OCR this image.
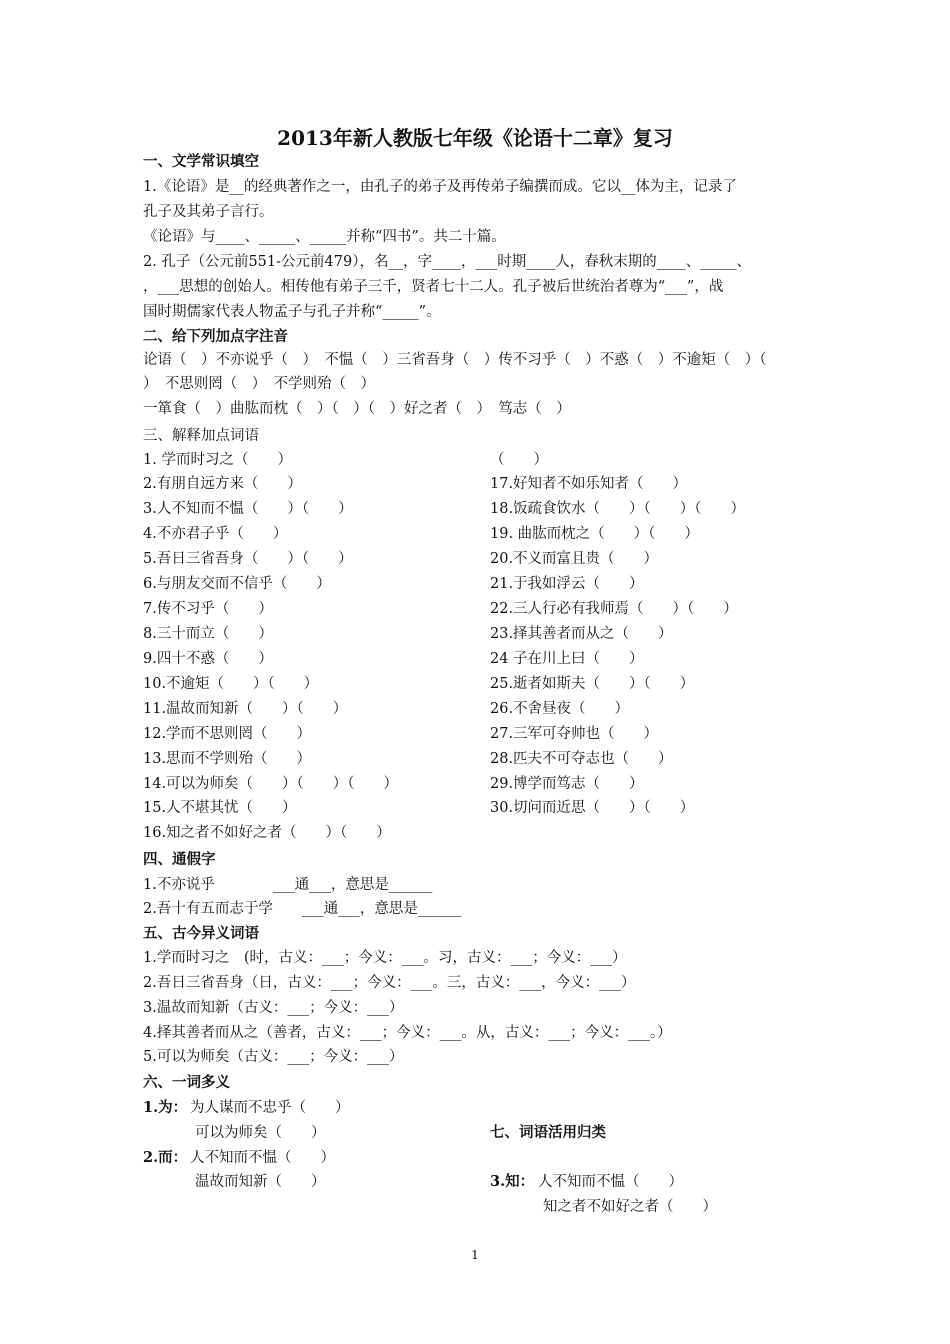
2013年新人教版七年级《论语十二章》复习
一、文学常识填空
1.《论语》是__的经典著作之一，由孔子的弟子及再传弟子编撰而成。它以__体为主，记录了
孔子及其弟子言行。
《论语》与____、_____、_____并称“四书”。共二十篇。
2. 孔子（公元前551-公元前479），名__，字____，___时期____人，春秋末期的____、_____、
，___思想的创始人。相传他有弟子三千，贤者七十二人。孔子被后世统治者尊为“___”，战
国时期儒家代表人物孟子与孔子并称“_____”。
二、给下列加点字注音
论语（　）不亦说乎（　）　不愠（　）三省吾身（　）传不习乎（　）不惑（　）不逾矩（　）（
）　不思则罔（　）　不学则殆（　）
一箪食（　）曲肱而枕（　）（　）（　）好之者（　）　笃志（　）
三、解释加点词语
1. 学而时习之（　　）
2.有朋自远方来（　　）
3.人不知而不愠（　　）（　　）
4.不亦君子乎（　　）
5.吾日三省吾身（　　）（　　）
6.与朋友交而不信乎（　　）
7.传不习乎（　　）
8.三十而立（　　）
9.四十不惑（　　）
10.不逾矩（　　）（　　）
11.温故而知新（　　）（　　）
12.学而不思则罔（　　）
13.思而不学则殆（　　）
14.可以为师矣（　　）（　　）（　　）
15.人不堪其忧（　　）
16.知之者不如好之者（　　）（　　）
（　　）
17.好知者不如乐知者（　　）
18.饭疏食饮水（　　）（　　）（　　）
19. 曲肱而枕之（　　）（　　）
20.不义而富且贵（　　）
21.于我如浮云（　　）
22.三人行必有我师焉（　　）（　　）
23.择其善者而从之（　　）
24 子在川上曰（　　）
25.逝者如斯夫（　　）（　　）
26.不舍昼夜（　　）
27.三军可夺帅也（　　）
28.匹夫不可夺志也（　　）
29.博学而笃志（　　）
30.切问而近思（　　）（　　）
四、通假字
1.不亦说乎　　　　___通___，意思是______
2.吾十有五而志于学　　___通___，意思是______
五、古今异义词语
1.学而时习之　(时，古义：___；今义：___。习，古义：___；今义：___）
2.吾日三省吾身（日，古义：___；今义：___。三，古义：___，今义：___）
3.温故而知新（古义：___；今义：___）
4.择其善者而从之（善者，古义：___；今义：___。从，古义：___；今义：___。）
5.可以为师矣（古义：___；今义：___）
六、一词多义
1.为： 为人谋而不忠乎（　　）
可以为师矣（　　）
2.而： 人不知而不愠（　　）
温故而知新（　　）
七、词语活用归类
3.知： 人不知而不愠（　　）
知之者不如好之者（　　）
1
